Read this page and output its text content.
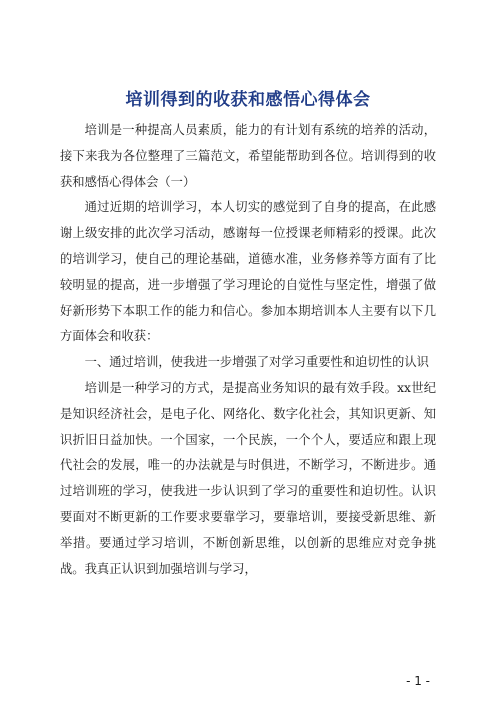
培训得到的收获和感悟心得体会

培训是一种提高人员素质，能力的有计划有系统的培养的活动，接下来我为各位整理了三篇范文，希望能帮助到各位。培训得到的收获和感悟心得体会（一）

通过近期的培训学习，本人切实的感觉到了自身的提高，在此感谢上级安排的此次学习活动，感谢每一位授课老师精彩的授课。此次的培训学习，使自己的理论基础，道德水准，业务修养等方面有了比较明显的提高，进一步增强了学习理论的自觉性与坚定性，增强了做好新形势下本职工作的能力和信心。参加本期培训本人主要有以下几方面体会和收获：

一、通过培训，使我进一步增强了对学习重要性和迫切性的认识

培训是一种学习的方式，是提高业务知识的最有效手段。xx世纪是知识经济社会，是电子化、网络化、数字化社会，其知识更新、知识折旧日益加快。一个国家，一个民族，一个个人，要适应和跟上现代社会的发展，唯一的办法就是与时俱进，不断学习，不断进步。通过培训班的学习，使我进一步认识到了学习的重要性和迫切性。认识要面对不断更新的工作要求要靠学习，要靠培训，要接受新思维、新举措。要通过学习培训，不断创新思维，以创新的思维应对竞争挑战。我真正认识到加强培训与学习，

- 1 -
